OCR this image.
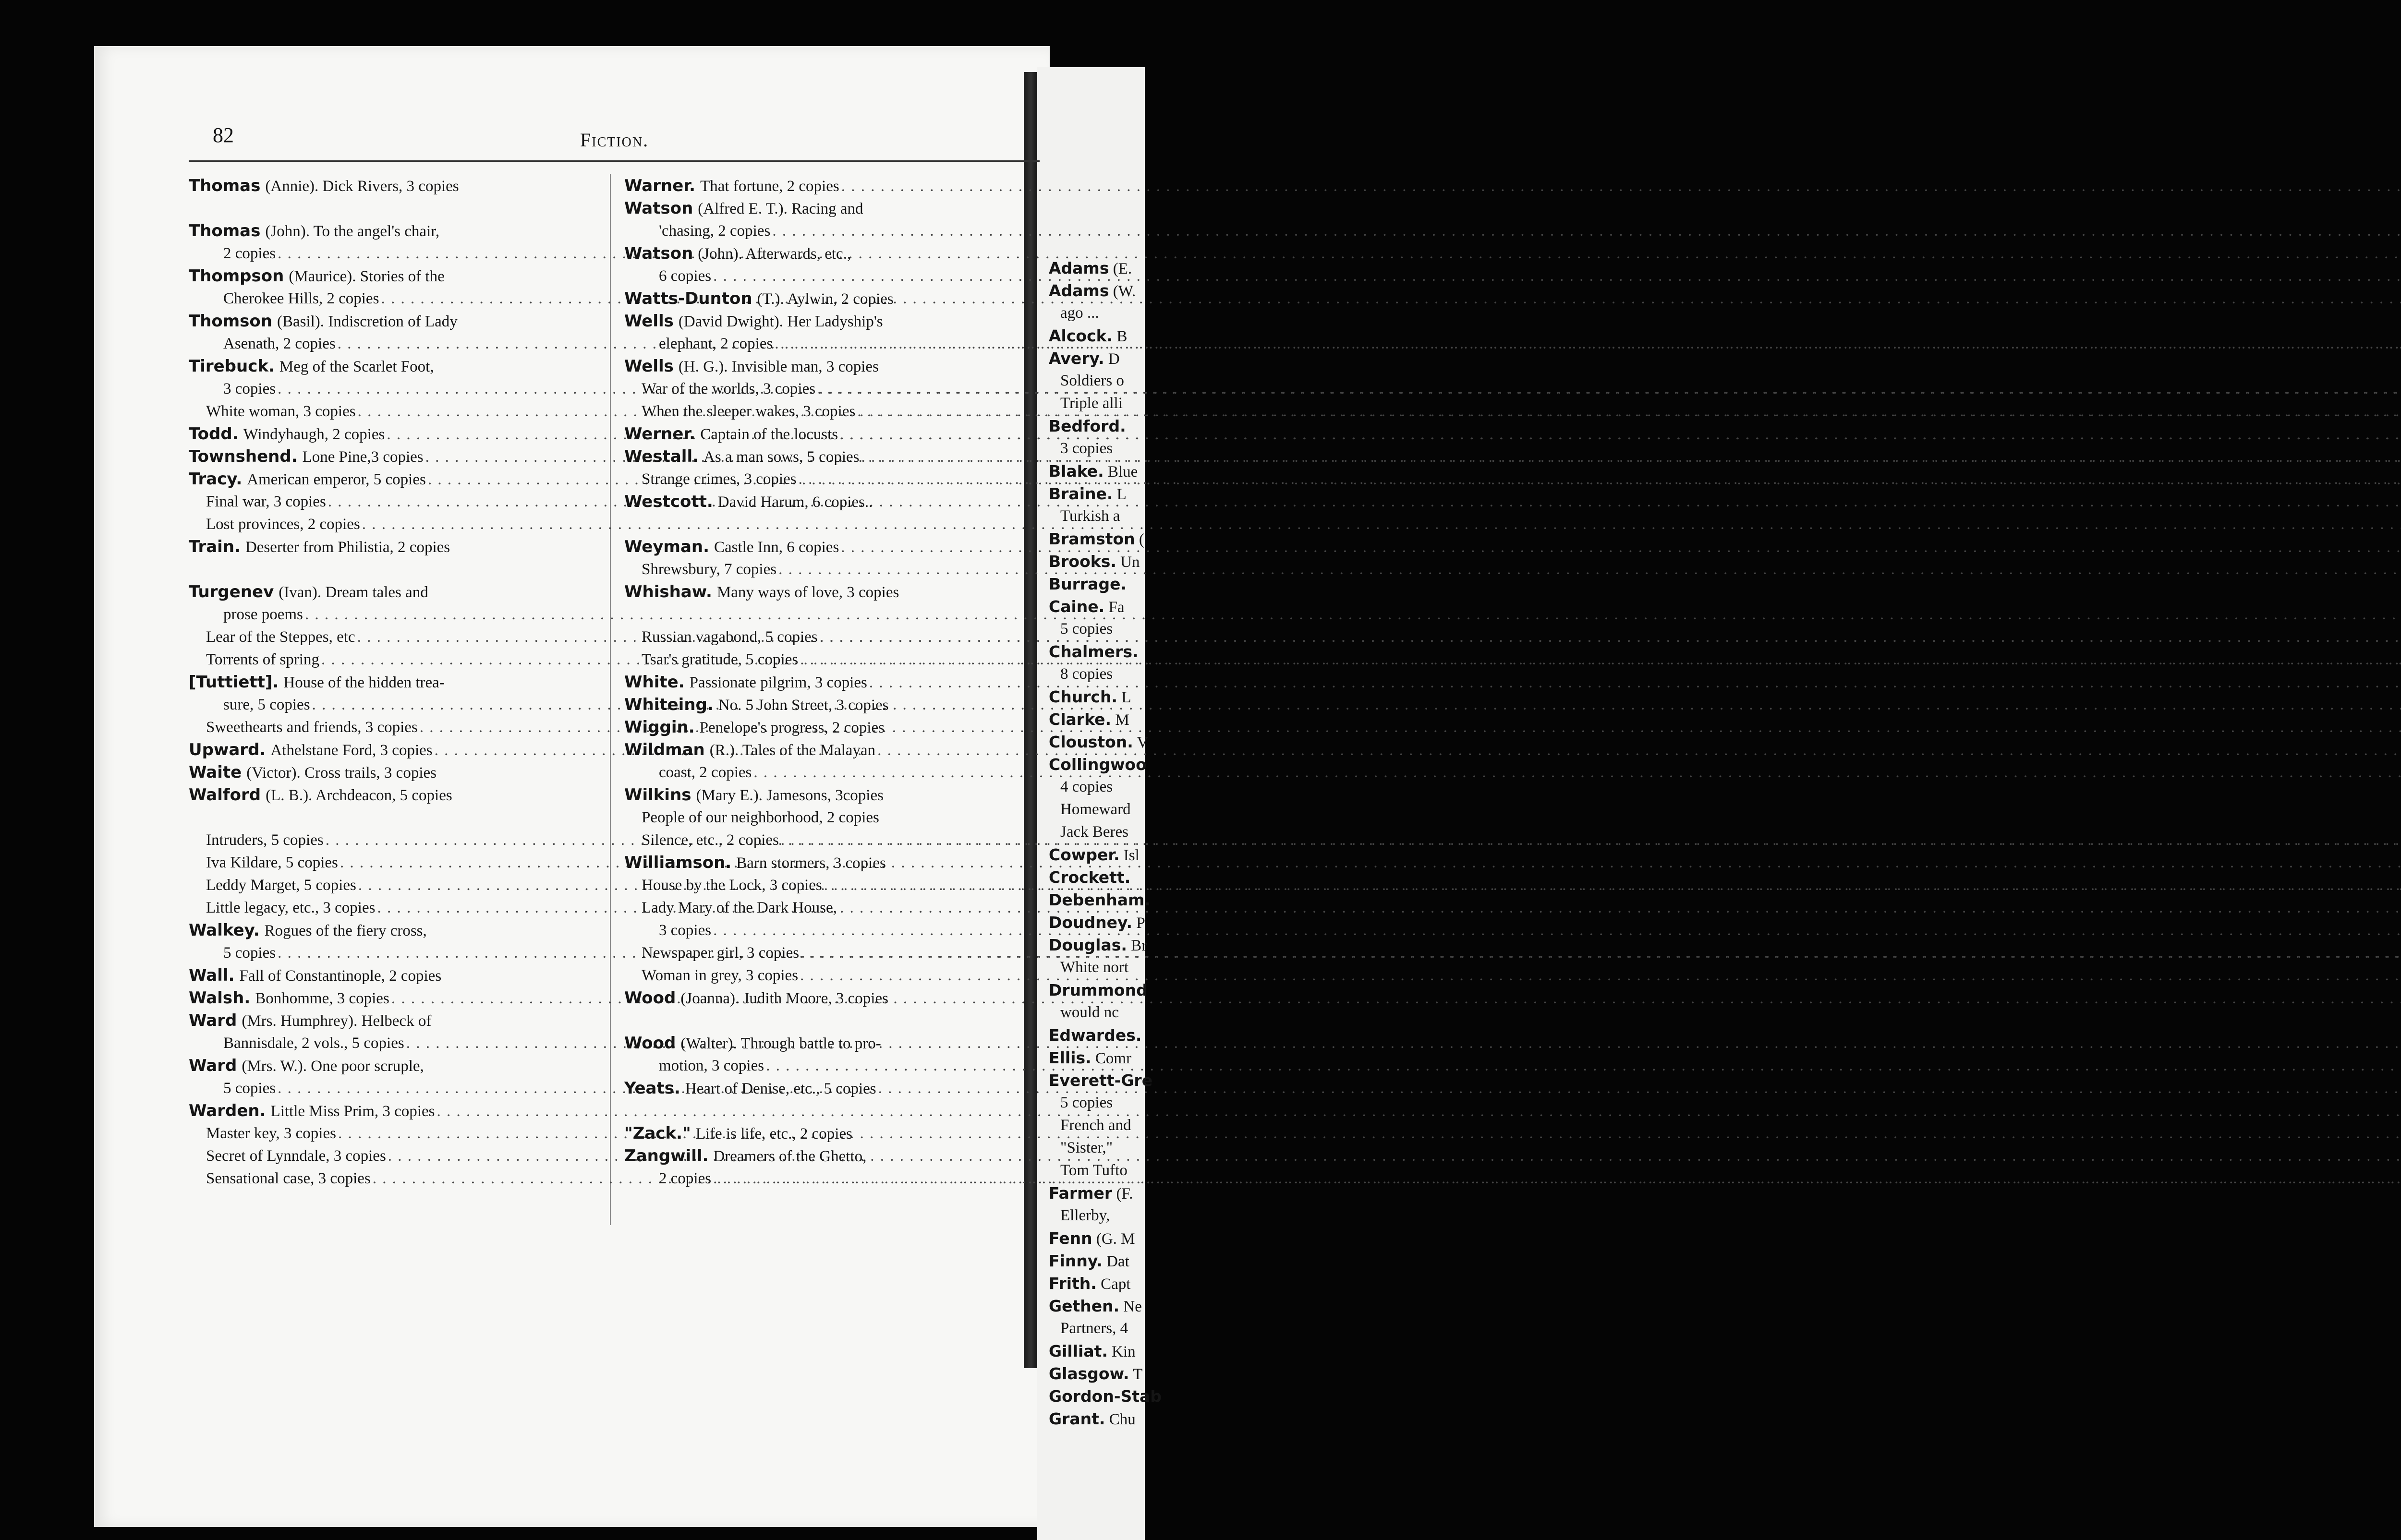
Adams (E.
Adams (W.
ago ...
Alcock. B
Avery. D
Soldiers o
Triple alli
Bedford.
3 copies
Blake. Blue
Braine. L
Turkish a
Bramston (
Brooks. Un
Burrage.
Caine. Fa
5 copies
Chalmers.
8 copies
Church. L
Clarke. M
Clouston. V
Collingwoo
4 copies
Homeward
Jack Beres
Cowper. Isl
Crockett.
Debenham.
Doudney. P
Douglas. Br
White nort
Drummond
would nc
Edwardes.
Ellis. Comr
Everett-Gre
5 copies
French and
"Sister,"
Tom Tufto
Farmer (F.
Ellerby,
Fenn (G. M
Finny. Dat
Frith. Capt
Gethen. Ne
Partners, 4
Gilliat. Kin
Glasgow. T
Gordon-Stab
Grant. Chu
82	Fiction.
Thomas (Annie). Dick Rivers, 3 copies
Thomas (John). To the angel's chair,
2 copies
. . .
Thompson (Maurice). Stories of the
Cherokee Hills, 2 copies
. . .
Thomson (Basil). Indiscretion of Lady
Asenath, 2 copies
. . .
Tirebuck. Meg of the Scarlet Foot,
3 copies
. . .
White woman, 3 copies
. . .
Todd. Windyhaugh, 2 copies
. . .
Townshend. Lone Pine,3 copies
. . .
Tracy. American emperor, 5 copies
. . .
Final war, 3 copies
. . .
Lost provinces, 2 copies
. . .
Train. Deserter from Philistia, 2 copies
Turgenev (Ivan). Dream tales and
prose poems
. . .
Lear of the Steppes, etc
. . .
Torrents of spring
. . .
[Tuttiett]. House of the hidden trea-
sure, 5 copies
. . .
Sweethearts and friends, 3 copies
. . .
Upward. Athelstane Ford, 3 copies
. . .
Waite (Victor). Cross trails, 3 copies
Walford (L. B.). Archdeacon, 5 copies
Intruders, 5 copies
. . .
Iva Kildare, 5 copies
. . .
Leddy Marget, 5 copies
. . .
Little legacy, etc., 3 copies
. . .
Walkey. Rogues of the fiery cross,
5 copies
. . .
Wall. Fall of Constantinople, 2 copies
Walsh. Bonhomme, 3 copies
. . .
Ward (Mrs. Humphrey). Helbeck of
Bannisdale, 2 vols., 5 copies
. . .
Ward (Mrs. W.). One poor scruple,
5 copies
. . .
Warden. Little Miss Prim, 3 copies
. . .
Master key, 3 copies
. . .
Secret of Lynndale, 3 copies
. . .
Sensational case, 3 copies
. . .
Warner. That fortune, 2 copies
. . .
Watson (Alfred E. T.). Racing and
'chasing, 2 copies
. . .
Watson (John). Afterwards, etc.,
6 copies
. . .
Watts-Dunton (T.). Aylwin, 2 copies
Wells (David Dwight). Her Ladyship's
elephant, 2 copies
. . .
Wells (H. G.). Invisible man, 3 copies
War of the worlds, 3 copies
. . .
When the sleeper wakes, 3 copies
. . .
Werner. Captain of the locusts
. . .
Westall. As a man sows, 5 copies
. . .
Strange crimes, 3 copies
. . .
Westcott. David Harum, 6 copies..
Weyman. Castle Inn, 6 copies
. . .
Shrewsbury, 7 copies
. . .
Whishaw. Many ways of love, 3 copies
Russian vagabond, 5 copies
. . .
Tsar's gratitude, 5 copies
. . .
White. Passionate pilgrim, 3 copies
. . .
Whiteing. No. 5 John Street, 3 copies
Wiggin. Penelope's progress, 2 copies
Wildman (R.). Tales of the Malayan
coast, 2 copies
. . .
Wilkins (Mary E.). Jamesons, 3copies
People of our neighborhood, 2 copies
Silence, etc., 2 copies
. . .
Williamson. Barn stormers, 3 copies
House by the Lock, 3 copies
. . .
Lady Mary of the Dark House,
3 copies
. . .
Newspaper girl, 3 copies
. . .
Woman in grey, 3 copies
. . .
Wood (Joanna). Judith Moore, 3 copies
Wood (Walter). Through battle to pro-
motion, 3 copies
. . .
Yeats. Heart of Denise, etc., 5 copies
"Zack." Life is life, etc., 2 copies
Zangwill. Dreamers of the Ghetto,
2 copies
. . .
